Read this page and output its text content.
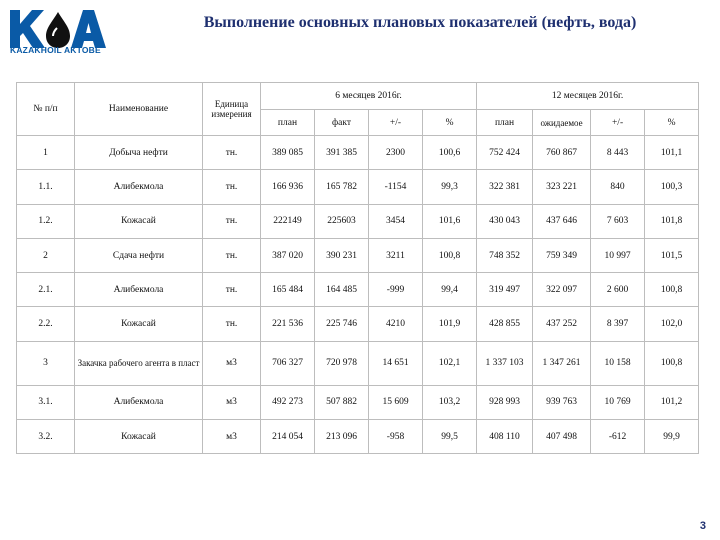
KAZAKHOIL AKTOBE
Выполнение основных плановых показателей (нефть, вода)
№ п/п	Наименование	Единица измерения	6 месяцев 2016г.				12 месяцев 2016г.			
			план	факт	+/-	%	план	ожидаемое	+/-	%
1	Добыча нефти	тн.	389 085	391 385	2300	100,6	752 424	760 867	8 443	101,1
1.1.	Алибекмола	тн.	166 936	165 782	-1154	99,3	322 381	323 221	840	100,3
1.2.	Кожасай	тн.	222149	225603	3454	101,6	430 043	437 646	7 603	101,8
2	Сдача нефти	тн.	387 020	390 231	3211	100,8	748 352	759 349	10 997	101,5
2.1.	Алибекмола	тн.	165 484	164 485	-999	99,4	319 497	322 097	2 600	100,8
2.2.	Кожасай	тн.	221 536	225 746	4210	101,9	428 855	437 252	8 397	102,0
3	Закачка рабочего агента в пласт	м3	706 327	720 978	14 651	102,1	1 337 103	1 347 261	10 158	100,8
3.1.	Алибекмола	м3	492 273	507 882	15 609	103,2	928 993	939 763	10 769	101,2
3.2.	Кожасай	м3	214 054	213 096	-958	99,5	408 110	407 498	-612	99,9
3
